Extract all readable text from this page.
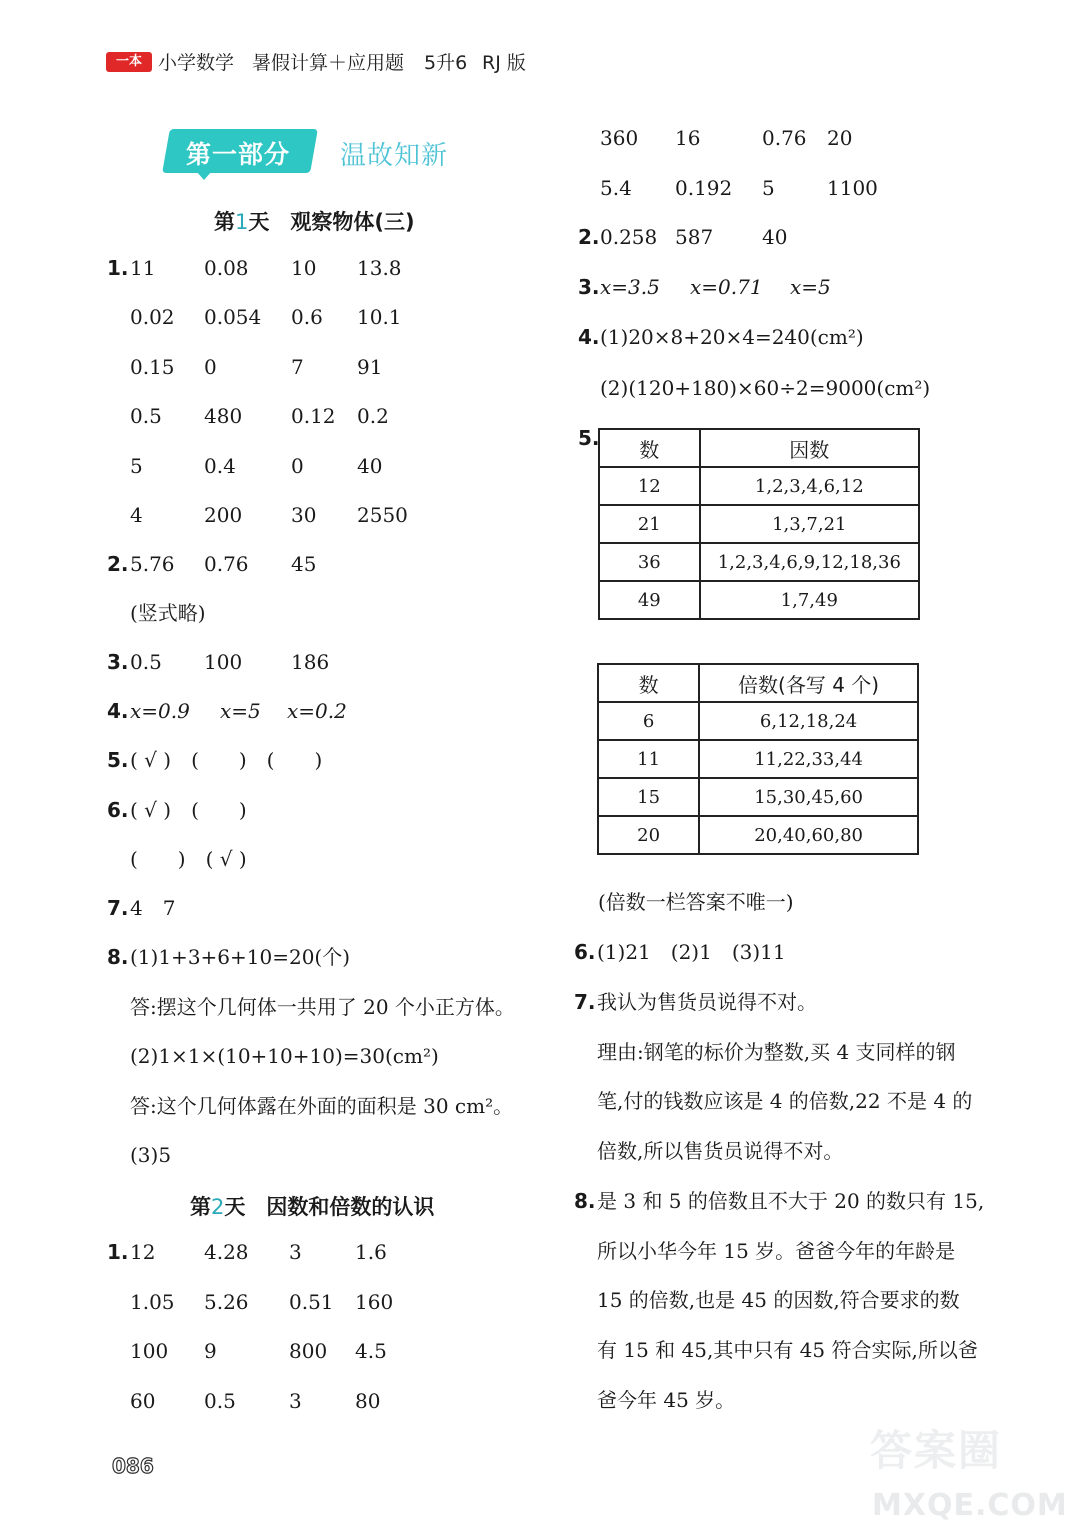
一本 小学数学 暑假计算＋应用题 5升6 RJ 版
第一部分 温故知新
第1天　观察物体(三)
1. 11 0.08 10 13.8
0.02 0.054 0.6 10.1
0.15 0	7	91
0.5 480 0.12 0.2
5	0.4	0	40
4	200 30 2550
2. 5.76 0.76 45
(竖式略)
3. 0.5 100 186
4. x=0.9 x=5 x=0.2
5. ( √ )　(　　)　(　　)
6. ( √ )　(　　)
(　　)　( √ )
7. 4　7
8. (1)1+3+6+10=20(个)
答:摆这个几何体一共用了 20 个小正方体。
(2)1×1×(10+10+10)=30(cm²)
答:这个几何体露在外面的面积是 30 cm²。
(3)5
第2天　因数和倍数的认识
1. 12 4.28 3	1.6
1.05 5.26 0.51 160
100 9	800 4.5
60 0.5	3	80
360 16	0.76 20
5.4 0.192 5	1100
2. 0.258 587 40
3. x=3.5 x=0.71 x=5
4. (1)20×8+20×4=240(cm²)
(2)(120+180)×60÷2=9000(cm²)
5. 数	因数
12	1,2,3,4,6,12
21	1,3,7,21
36	1,2,3,4,6,9,12,18,36
49	1,7,49
数	倍数(各写 4 个)
6	6,12,18,24
11	11,22,33,44
15	15,30,45,60
20	20,40,60,80
(倍数一栏答案不唯一)
6. (1)21　(2)1　(3)11
7. 我认为售货员说得不对。
理由:钢笔的标价为整数,买 4 支同样的钢
笔,付的钱数应该是 4 的倍数,22 不是 4 的
倍数,所以售货员说得不对。
8. 是 3 和 5 的倍数且不大于 20 的数只有 15,
所以小华今年 15 岁。爸爸今年的年龄是
15 的倍数,也是 45 的因数,符合要求的数
有 15 和 45,其中只有 45 符合实际,所以爸
爸今年 45 岁。
086	答案圈
MXQE.COM
